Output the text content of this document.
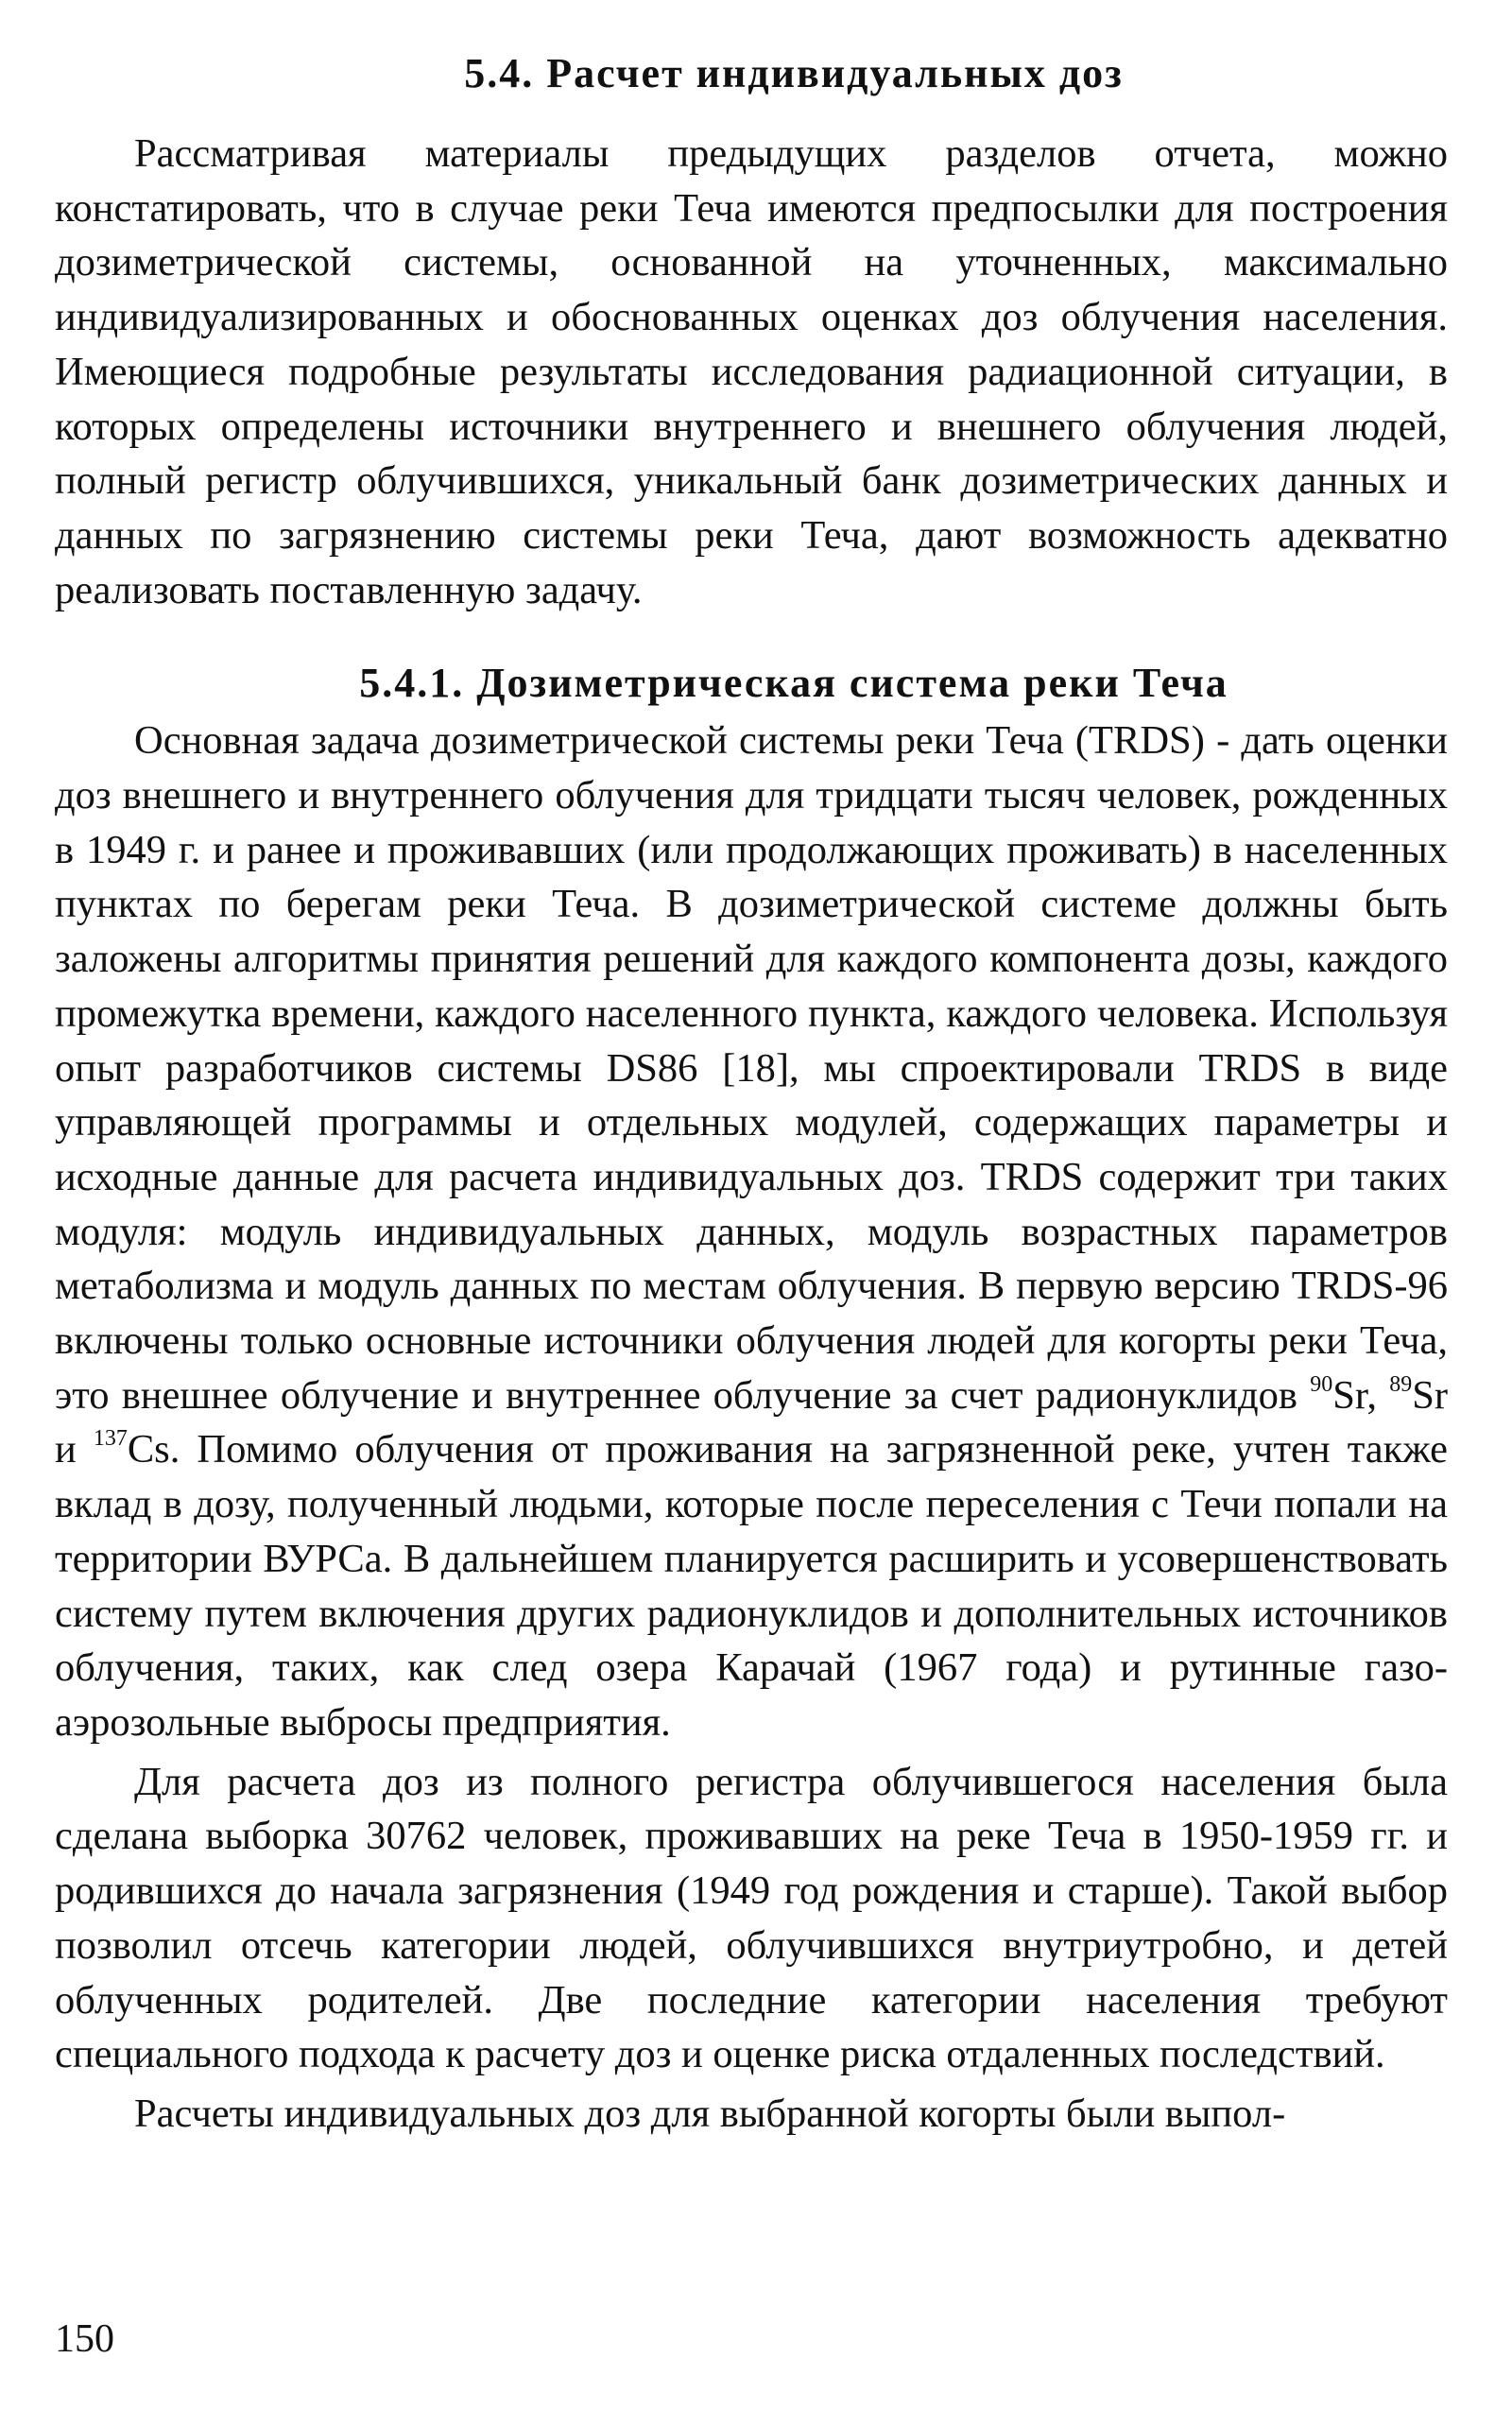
5.4. Расчет индивидуальных доз

Рассматривая материалы предыдущих разделов отчета, можно констатировать, что в случае реки Теча имеются предпосылки для построения дозиметрической системы, основанной на уточненных, максимально индивидуализированных и обоснованных оценках доз облучения населения. Имеющиеся подробные результаты исследования радиационной ситуации, в которых определены источники внутреннего и внешнего облучения людей, полный регистр облучившихся, уникальный банк дозиметрических данных и данных по загрязнению системы реки Теча, дают возможность адекватно реализовать поставленную задачу.

5.4.1. Дозиметрическая система реки Теча

Основная задача дозиметрической системы реки Теча (TRDS) - дать оценки доз внешнего и внутреннего облучения для тридцати тысяч человек, рожденных в 1949 г. и ранее и проживавших (или продолжающих проживать) в населенных пунктах по берегам реки Теча. В дозиметрической системе должны быть заложены алгоритмы принятия решений для каждого компонента дозы, каждого промежутка времени, каждого населенного пункта, каждого человека. Используя опыт разработчиков системы DS86 [18], мы спроектировали TRDS в виде управляющей программы и отдельных модулей, содержащих параметры и исходные данные для расчета индивидуальных доз. TRDS содержит три таких модуля: модуль индивидуальных данных, модуль возрастных параметров метаболизма и модуль данных по местам облучения. В первую версию TRDS-96 включены только основные источники облучения людей для когорты реки Теча, это внешнее облучение и внутреннее облучение за счет радионуклидов $^{90}$Sr, $^{89}$Sr и $^{137}$Cs. Помимо облучения от проживания на загрязненной реке, учтен также вклад в дозу, полученный людьми, которые после переселения с Течи попали на территории ВУРСа. В дальнейшем планируется расширить и усовершенствовать систему путем включения других радионуклидов и дополнительных источников облучения, таких, как след озера Карачай (1967 года) и рутинные газо-аэрозольные выбросы предприятия.

Для расчета доз из полного регистра облучившегося населения была сделана выборка 30762 человек, проживавших на реке Теча в 1950-1959 гг. и родившихся до начала загрязнения (1949 год рождения и старше). Такой выбор позволил отсечь категории людей, облучившихся внутриутробно, и детей облученных родителей. Две последние категории населения требуют специального подхода к расчету доз и оценке риска отдаленных последствий.

Расчеты индивидуальных доз для выбранной когорты были выпол-

150
